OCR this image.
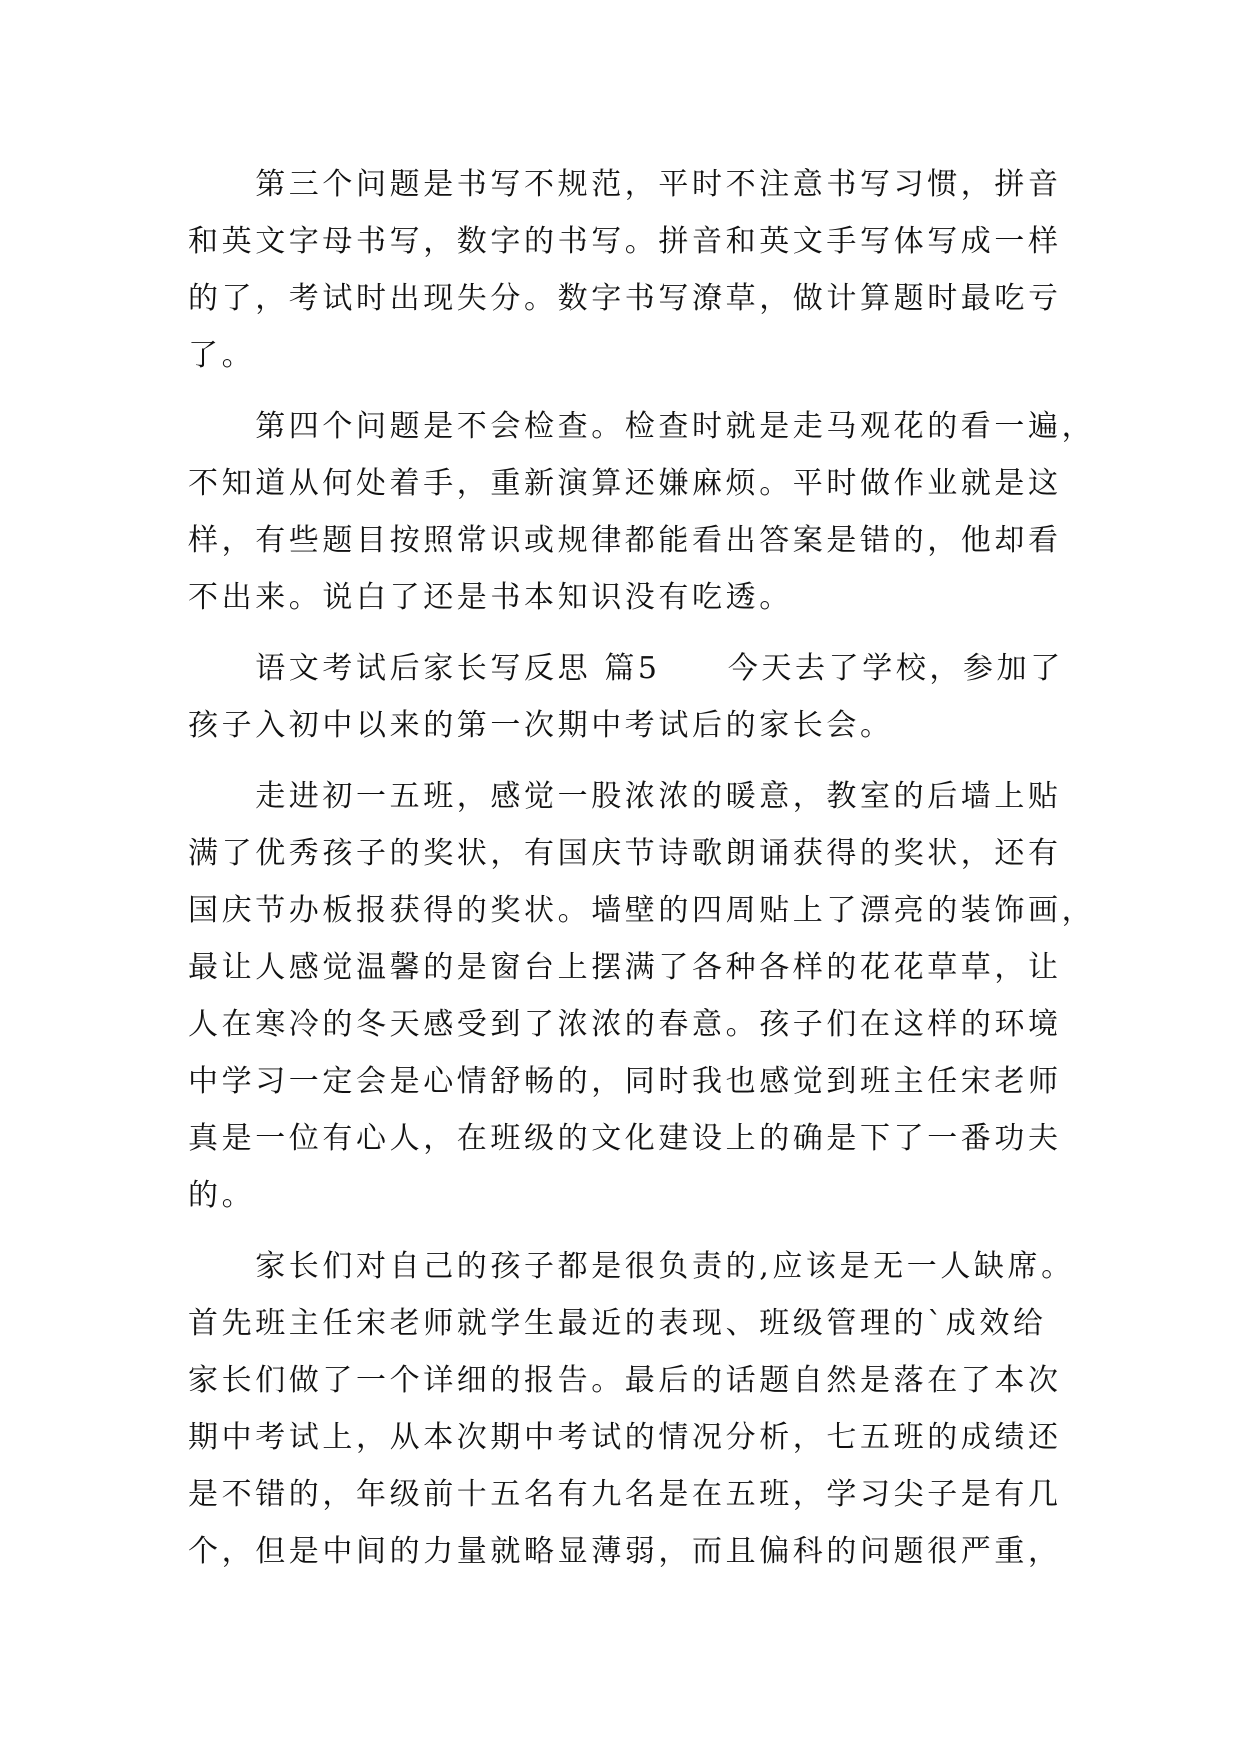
　　第三个问题是书写不规范，平时不注意书写习惯，拼音
和英文字母书写，数字的书写。拼音和英文手写体写成一样
的了，考试时出现失分。数字书写潦草，做计算题时最吃亏
了。
　　第四个问题是不会检查。检查时就是走马观花的看一遍，
不知道从何处着手，重新演算还嫌麻烦。平时做作业就是这
样，有些题目按照常识或规律都能看出答案是错的，他却看
不出来。说白了还是书本知识没有吃透。
　　语文考试后家长写反思 篇5　　今天去了学校，参加了
孩子入初中以来的第一次期中考试后的家长会。
　　走进初一五班，感觉一股浓浓的暖意，教室的后墙上贴
满了优秀孩子的奖状，有国庆节诗歌朗诵获得的奖状，还有
国庆节办板报获得的奖状。墙壁的四周贴上了漂亮的装饰画，
最让人感觉温馨的是窗台上摆满了各种各样的花花草草，让
人在寒冷的冬天感受到了浓浓的春意。孩子们在这样的环境
中学习一定会是心情舒畅的，同时我也感觉到班主任宋老师
真是一位有心人，在班级的文化建设上的确是下了一番功夫
的。
　　家长们对自己的孩子都是很负责的,应该是无一人缺席。
首先班主任宋老师就学生最近的表现、班级管理的`成效给
家长们做了一个详细的报告。最后的话题自然是落在了本次
期中考试上，从本次期中考试的情况分析，七五班的成绩还
是不错的，年级前十五名有九名是在五班，学习尖子是有几
个，但是中间的力量就略显薄弱，而且偏科的问题很严重，
